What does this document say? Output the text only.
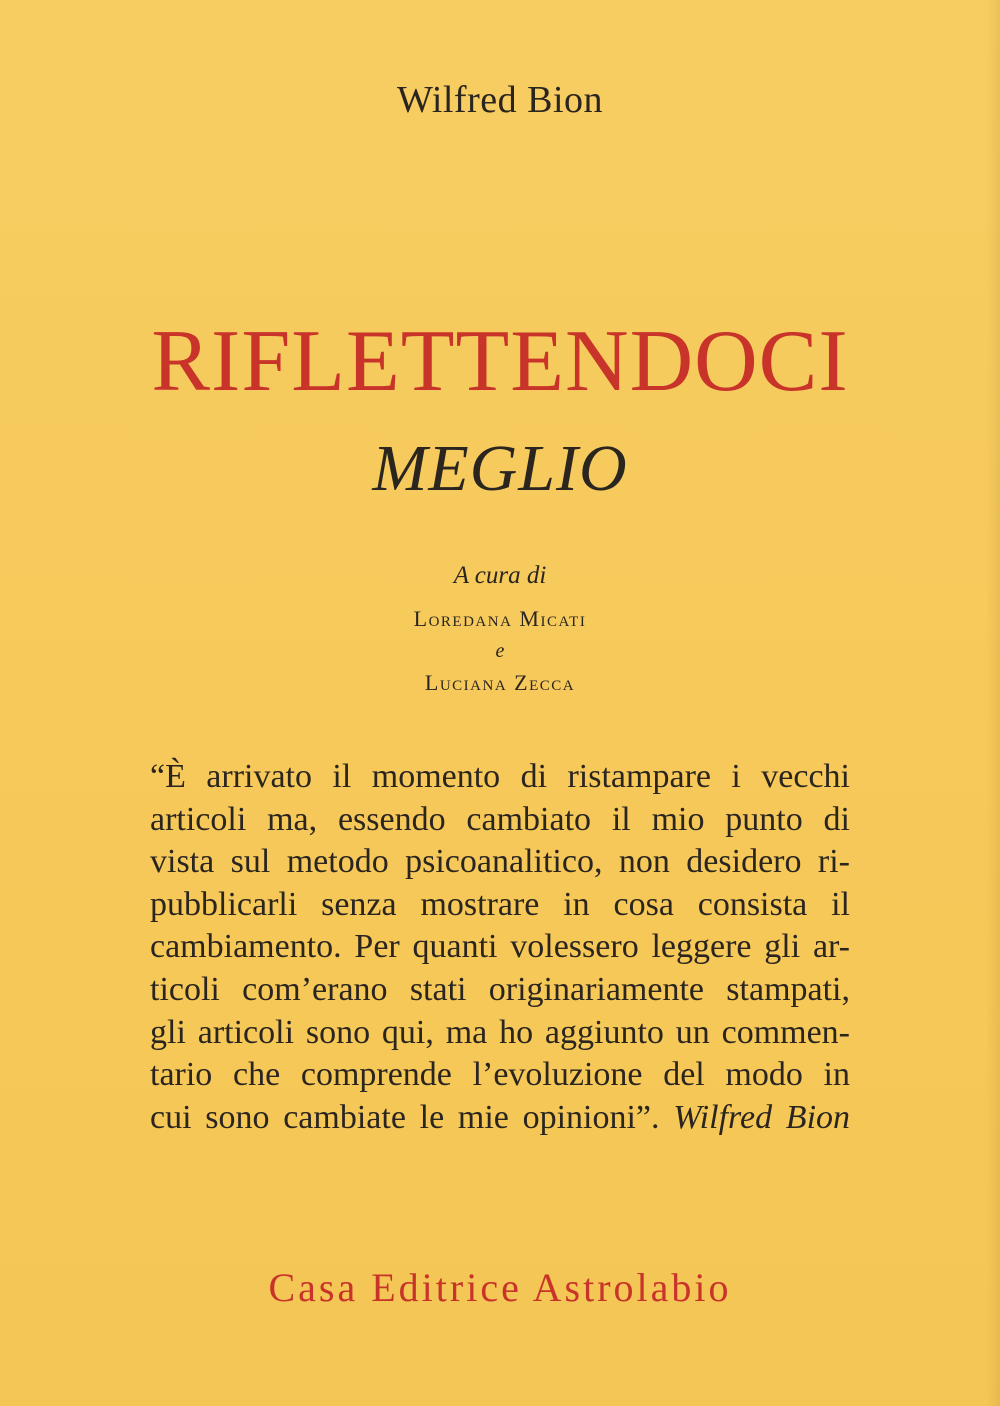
Wilfred Bion
RIFLETTENDOCI
MEGLIO
A cura di
Loredana Micati
e
Luciana Zecca
“È arrivato il momento di ristampare i vecchi
articoli ma, essendo cambiato il mio punto di
vista sul metodo psicoanalitico, non desidero ri-
pubblicarli senza mostrare in cosa consista il
cambiamento. Per quanti volessero leggere gli ar-
ticoli com’erano stati originariamente stampati,
gli articoli sono qui, ma ho aggiunto un commen-
tario che comprende l’evoluzione del modo in
cui sono cambiate le mie opinioni”. Wilfred Bion
Casa Editrice Astrolabio
